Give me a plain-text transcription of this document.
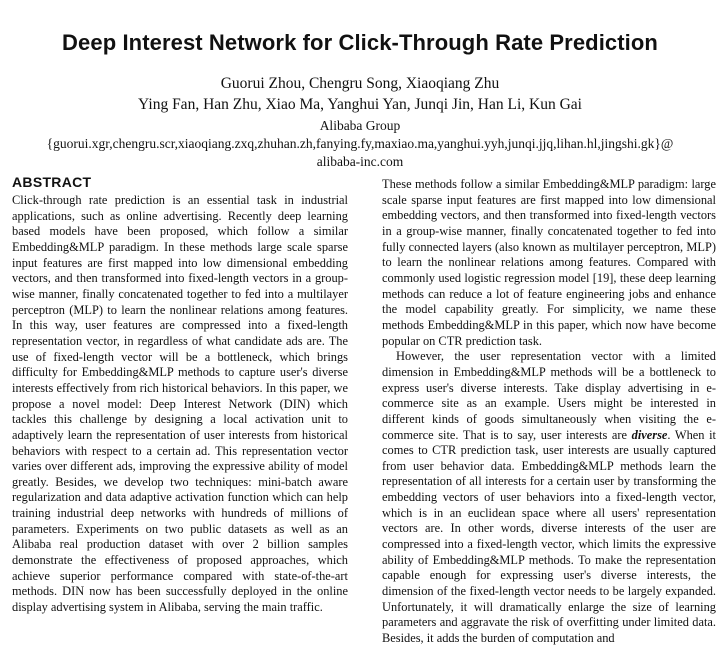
Deep Interest Network for Click-Through Rate Prediction
Guorui Zhou, Chengru Song, Xiaoqiang Zhu
Ying Fan, Han Zhu, Xiao Ma, Yanghui Yan, Junqi Jin, Han Li, Kun Gai
Alibaba Group
{guorui.xgr,chengru.scr,xiaoqiang.zxq,zhuhan.zh,fanying.fy,maxiao.ma,yanghui.yyh,junqi.jjq,lihan.hl,jingshi.gk}@
alibaba-inc.com
ABSTRACT

Click-through rate prediction is an essential task in industrial applications, such as online advertising. Recently deep learning based models have been proposed, which follow a similar Embedding&MLP paradigm. In these methods large scale sparse input features are first mapped into low dimensional embedding vectors, and then transformed into fixed-length vectors in a group-wise manner, finally concatenated together to fed into a multilayer perceptron (MLP) to learn the nonlinear relations among features. In this way, user features are compressed into a fixed-length representation vector, in regardless of what candidate ads are. The use of fixed-length vector will be a bottleneck, which brings difficulty for Embedding&MLP methods to capture user's diverse interests effectively from rich historical behaviors. In this paper, we propose a novel model: Deep Interest Network (DIN) which tackles this challenge by designing a local activation unit to adaptively learn the representation of user interests from historical behaviors with respect to a certain ad. This representation vector varies over different ads, improving the expressive ability of model greatly. Besides, we develop two techniques: mini-batch aware regularization and data adaptive activation function which can help training industrial deep networks with hundreds of millions of parameters. Experiments on two public datasets as well as an Alibaba real production dataset with over 2 billion samples demonstrate the effectiveness of proposed approaches, which achieve superior performance compared with state-of-the-art methods. DIN now has been successfully deployed in the online display advertising system in Alibaba, serving the main traffic.

These methods follow a similar Embedding&MLP paradigm: large scale sparse input features are first mapped into low dimensional embedding vectors, and then transformed into fixed-length vectors in a group-wise manner, finally concatenated together to fed into fully connected layers (also known as multilayer perceptron, MLP) to learn the nonlinear relations among features. Compared with commonly used logistic regression model [19], these deep learning methods can reduce a lot of feature engineering jobs and enhance the model capability greatly. For simplicity, we name these methods Embedding&MLP in this paper, which now have become popular on CTR prediction task.

However, the user representation vector with a limited dimension in Embedding&MLP methods will be a bottleneck to express user's diverse interests. Take display advertising in e-commerce site as an example. Users might be interested in different kinds of goods simultaneously when visiting the e-commerce site. That is to say, user interests are diverse. When it comes to CTR prediction task, user interests are usually captured from user behavior data. Embedding&MLP methods learn the representation of all interests for a certain user by transforming the embedding vectors of user behaviors into a fixed-length vector, which is in an euclidean space where all users' representation vectors are. In other words, diverse interests of the user are compressed into a fixed-length vector, which limits the expressive ability of Embedding&MLP methods. To make the representation capable enough for expressing user's diverse interests, the dimension of the fixed-length vector needs to be largely expanded. Unfortunately, it will dramatically enlarge the size of learning parameters and aggravate the risk of overfitting under limited data. Besides, it adds the burden of computation and
